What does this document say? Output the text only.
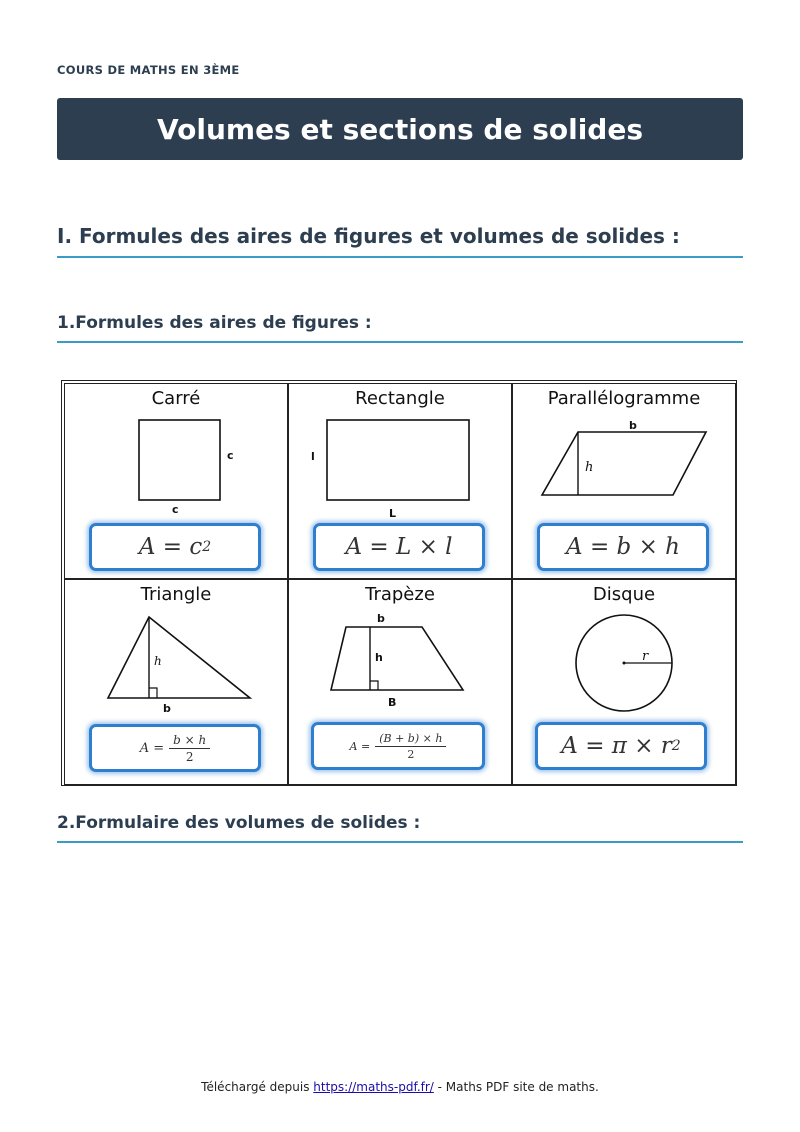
COURS DE MATHS EN 3ÈME
Volumes et sections de solides
I. Formules des aires de figures et volumes de solides :
1.Formules des aires de figures :
Carré
c
c
A = c 2
Rectangle
l
L
A = L × l
Parallélogramme
b
h
A = b × h
Triangle
h
b
$A = \frac{b \times h}{2}$
Trapèze
b
h
B
$A = \frac{(B + b) \times h}{2}$
Disque
r
A = π × r 2
2.Formulaire des volumes de solides :
Téléchargé depuis https://maths-pdf.fr/ - Maths PDF site de maths.
